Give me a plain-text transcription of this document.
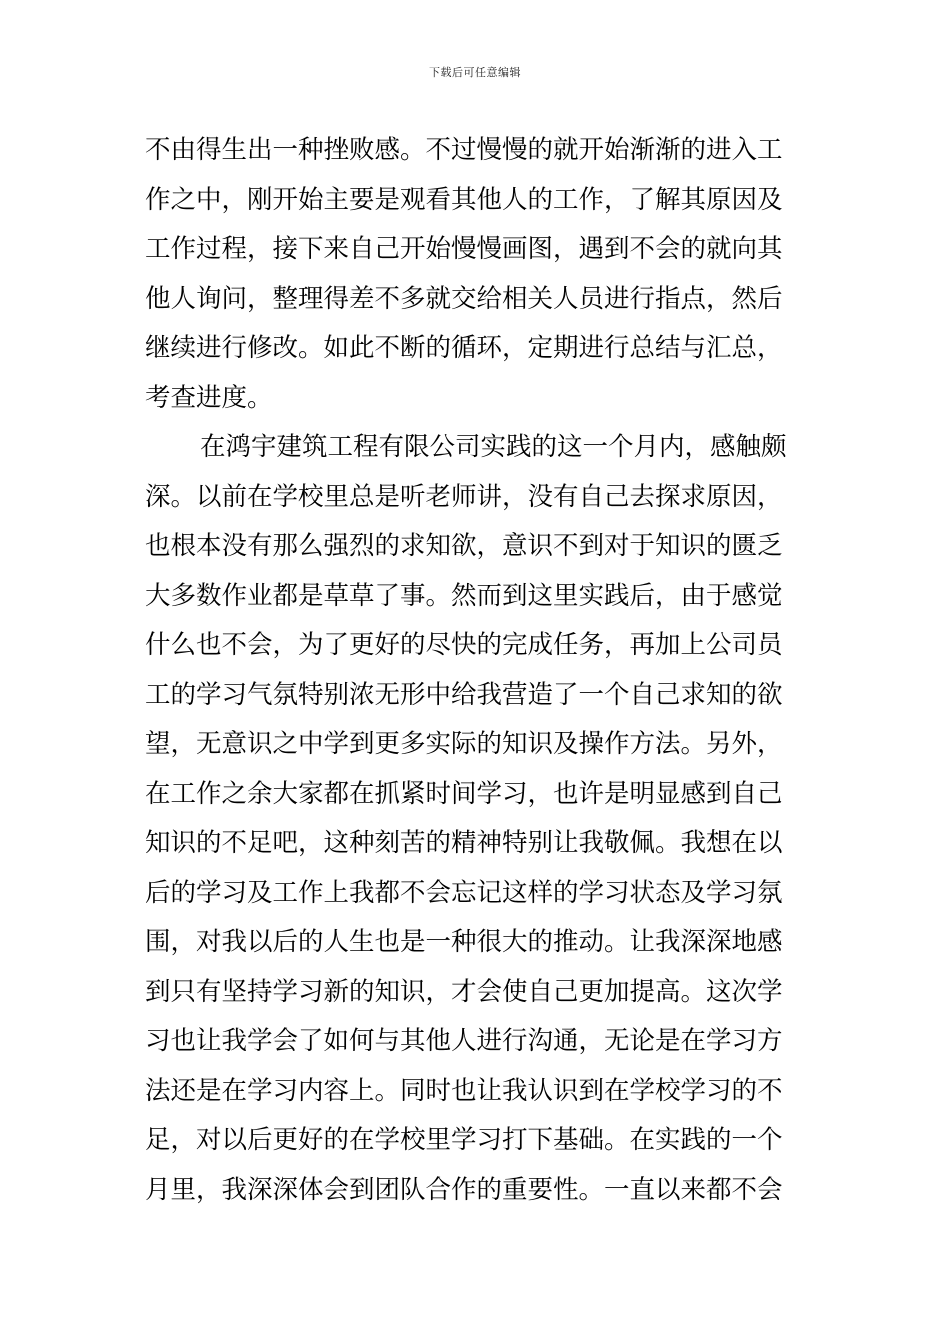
下载后可任意编辑
不由得生出一种挫败感。不过慢慢的就开始渐渐的进入工
作之中，刚开始主要是观看其他人的工作，了解其原因及
工作过程，接下来自己开始慢慢画图，遇到不会的就向其
他人询问，整理得差不多就交给相关人员进行指点，然后
继续进行修改。如此不断的循环，定期进行总结与汇总，
考查进度。
在鸿宇建筑工程有限公司实践的这一个月内，感触颇
深。以前在学校里总是听老师讲，没有自己去探求原因，
也根本没有那么强烈的求知欲，意识不到对于知识的匮乏
大多数作业都是草草了事。然而到这里实践后，由于感觉
什么也不会，为了更好的尽快的完成任务，再加上公司员
工的学习气氛特别浓无形中给我营造了一个自己求知的欲
望，无意识之中学到更多实际的知识及操作方法。另外，
在工作之余大家都在抓紧时间学习，也许是明显感到自己
知识的不足吧，这种刻苦的精神特别让我敬佩。我想在以
后的学习及工作上我都不会忘记这样的学习状态及学习氛
围，对我以后的人生也是一种很大的推动。让我深深地感
到只有坚持学习新的知识，才会使自己更加提高。这次学
习也让我学会了如何与其他人进行沟通，无论是在学习方
法还是在学习内容上。同时也让我认识到在学校学习的不
足，对以后更好的在学校里学习打下基础。在实践的一个
月里，我深深体会到团队合作的重要性。一直以来都不会
